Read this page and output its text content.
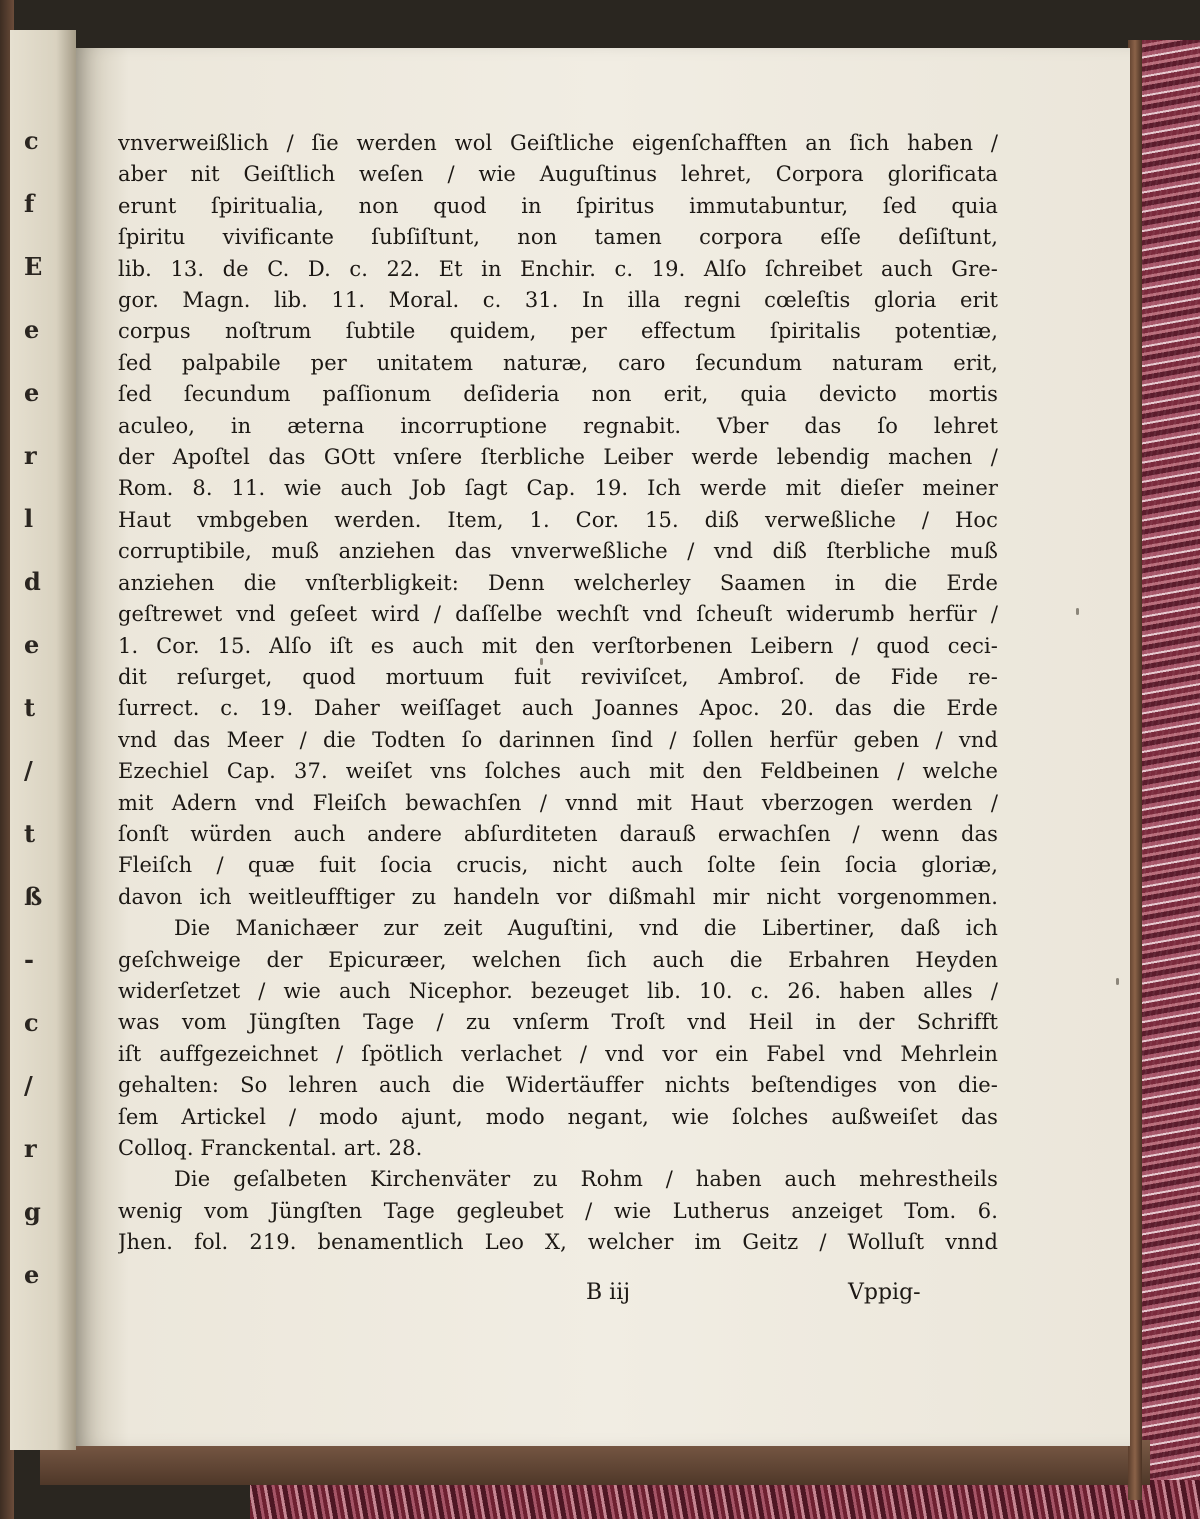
c
f
E
e
e
r
l
d
e
t
/
t
ß
-
c
/
r
g
e
vnverweißlich / ſie werden wol Geiſtliche eigenſchafften an ſich haben /
aber nit Geiſtlich weſen / wie Auguſtinus lehret, Corpora glorificata
erunt ſpiritualia, non quod in ſpiritus immutabuntur, ſed quia
ſpiritu vivificante ſubſiſtunt, non tamen corpora eſſe deſiſtunt,
lib. 13. de C. D. c. 22. Et in Enchir. c. 19. Alſo ſchreibet auch Gre-
gor. Magn. lib. 11. Moral. c. 31. In illa regni cœleſtis gloria erit
corpus noſtrum ſubtile quidem, per effectum ſpiritalis potentiæ,
ſed palpabile per unitatem naturæ, caro ſecundum naturam erit,
ſed ſecundum paſſionum deſideria non erit, quia devicto mortis
aculeo, in æterna incorruptione regnabit. Vber das ſo lehret
der Apoſtel das GOtt vnſere ſterbliche Leiber werde lebendig machen /
Rom. 8. 11. wie auch Job ſagt Cap. 19. Ich werde mit dieſer meiner
Haut vmbgeben werden. Item, 1. Cor. 15. diß verweßliche / Hoc
corruptibile, muß anziehen das vnverweßliche / vnd diß ſterbliche muß
anziehen die vnſterbligkeit: Denn welcherley Saamen in die Erde
geſtrewet vnd geſeet wird / daſſelbe wechſt vnd ſcheuſt widerumb herfür /
1. Cor. 15. Alſo iſt es auch mit den verſtorbenen Leibern / quod ceci-
dit reſurget, quod mortuum fuit reviviſcet, Ambroſ. de Fide re-
ſurrect. c. 19. Daher weiſſaget auch Joannes Apoc. 20. das die Erde
vnd das Meer / die Todten ſo darinnen ſind / ſollen herfür geben / vnd
Ezechiel Cap. 37. weiſet vns ſolches auch mit den Feldbeinen / welche
mit Adern vnd Fleiſch bewachſen / vnnd mit Haut vberzogen werden /
ſonſt würden auch andere abſurditeten darauß erwachſen / wenn das
Fleiſch / quæ fuit ſocia crucis, nicht auch ſolte ſein ſocia gloriæ,
davon ich weitleufftiger zu handeln vor dißmahl mir nicht vorgenommen.
Die Manichæer zur zeit Auguſtini, vnd die Libertiner, daß ich
geſchweige der Epicuræer, welchen ſich auch die Erbahren Heyden
widerſetzet / wie auch Nicephor. bezeuget lib. 10. c. 26. haben alles /
was vom Jüngſten Tage / zu vnſerm Troſt vnd Heil in der Schrifft
iſt auffgezeichnet / ſpötlich verlachet / vnd vor ein Fabel vnd Mehrlein
gehalten: So lehren auch die Widertäuffer nichts beſtendiges von die-
ſem Artickel / modo ajunt, modo negant, wie ſolches außweiſet das
Colloq. Franckental. art. 28.
Die geſalbeten Kirchenväter zu Rohm / haben auch mehrestheils
wenig vom Jüngſten Tage gegleubet / wie Lutherus anzeiget Tom. 6.
Jhen. fol. 219. benamentlich Leo X, welcher im Geitz / Wolluſt vnnd
B iij	Vppig-
